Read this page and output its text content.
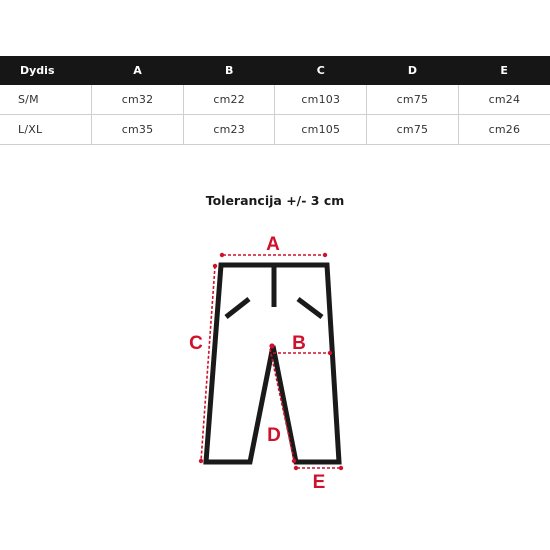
Dydis	A	B	C	D	E
S/M	cm32	cm22	cm103	cm75	cm24
L/XL	cm35	cm23	cm105	cm75	cm26
Tolerancija +/- 3 cm
A
B
C
D
E
